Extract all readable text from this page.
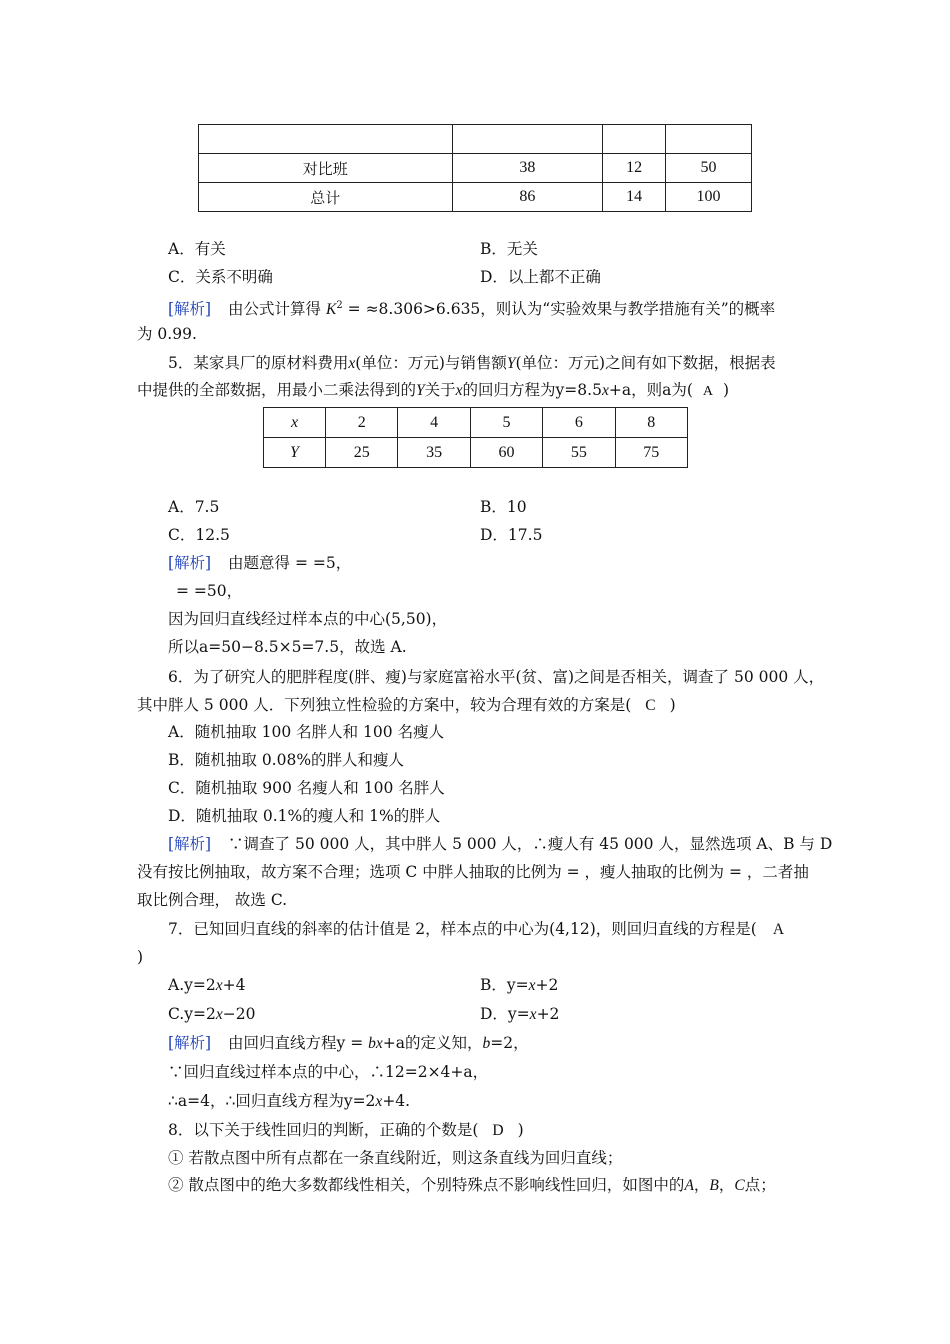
对比班	38	12	50
总计	86	14	100
A．有关	B．无关
C．关系不明确	D．以上都不正确
[解析] 由公式计算得 $K^2 = \approx 8.306>6.635$，则认为“实验效果与教学措施有关”的概率
为 0.99.
5．某家具厂的原材料费用x(单位：万元)与销售额Y(单位：万元)之间有如下数据，根据表
中提供的全部数据，用最小二乘法得到的Y关于x的回归方程为y=8.5x+a，则a为( A )
x	2	4	5	6	8
Y	25	35	60	55	75
A．7.5	B．10
C．12.5	D．17.5
[解析] 由题意得 = =5，
= =50，
因为回归直线经过样本点的中心(5,50)，
所以a=50−8.5×5=7.5，故选 A.
6．为了研究人的肥胖程度(胖、瘦)与家庭富裕水平(贫、富)之间是否相关，调查了 50 000 人，
其中胖人 5 000 人．下列独立性检验的方案中，较为合理有效的方案是( C )
A．随机抽取 100 名胖人和 100 名瘦人
B．随机抽取 0.08%的胖人和瘦人
C．随机抽取 900 名瘦人和 100 名胖人
D．随机抽取 0.1%的瘦人和 1%的胖人
[解析] ∵调查了 50 000 人，其中胖人 5 000 人，∴瘦人有 45 000 人，显然选项 A、B 与 D
没有按比例抽取，故方案不合理；选项 C 中胖人抽取的比例为 = ，瘦人抽取的比例为 = ，二者抽
取比例合理， 故选 C.
7．已知回归直线的斜率的估计值是 2，样本点的中心为(4,12)，则回归直线的方程是( A
)
A.y=2x+4	B．y=x+2
C.y=2x−20	D．y=x+2
[解析] 由回归直线方程y = bx+a的定义知，b=2，
∵回归直线过样本点的中心，∴12=2×4+a，
∴a=4，∴回归直线方程为y=2x+4.
8．以下关于线性回归的判断，正确的个数是( D )
① 若散点图中所有点都在一条直线附近，则这条直线为回归直线；
② 散点图中的绝大多数都线性相关，个别特殊点不影响线性回归，如图中的A，B，C点；
